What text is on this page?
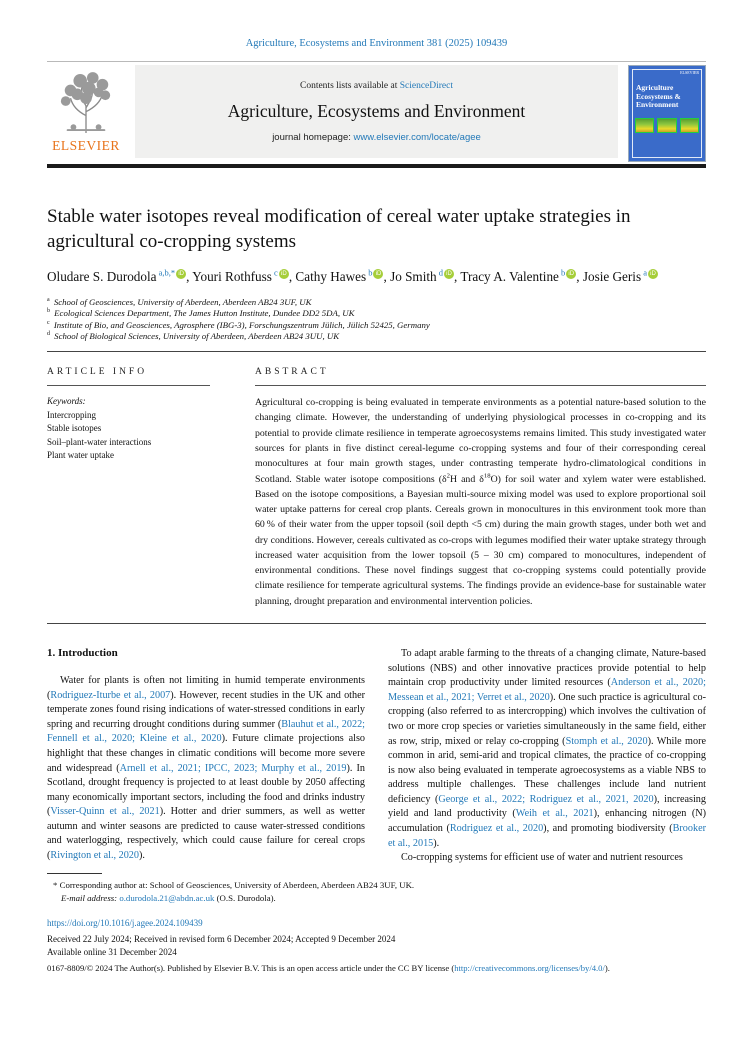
Agriculture, Ecosystems and Environment 381 (2025) 109439
ELSEVIER
Contents lists available at ScienceDirect
Agriculture, Ecosystems and Environment
journal homepage: www.elsevier.com/locate/agee
ELSEVIER
Agriculture Ecosystems & Environment
Stable water isotopes reveal modification of cereal water uptake strategies in agricultural co-cropping systems
Oludare S. Durodola $^{a,b,*}$ iD , Youri Rothfuss $^c$ iD , Cathy Hawes $^b$ iD , Jo Smith $^d$ iD , Tracy A. Valentine $^b$ iD , Josie Geris $^a$ iD
$^a$ School of Geosciences, University of Aberdeen, Aberdeen AB24 3UF, UK
$^b$ Ecological Sciences Department, The James Hutton Institute, Dundee DD2 5DA, UK
$^c$ Institute of Bio, and Geosciences, Agrosphere (IBG-3), Forschungszentrum Jülich, Jülich 52425, Germany
$^d$ School of Biological Sciences, University of Aberdeen, Aberdeen AB24 3UU, UK
ARTICLE INFO
Keywords:
Intercropping
Stable isotopes
Soil–plant-water interactions
Plant water uptake
ABSTRACT
Agricultural co-cropping is being evaluated in temperate environments as a potential nature-based solution to the changing climate. However, the understanding of underlying physiological processes in co-cropping and its potential to provide climate resilience in temperate agroecosystems remains limited. This study investigated water sources for plants in five distinct cereal-legume co-cropping systems and four of their corresponding cereal monocultures at four main growth stages, under contrasting temperate hydro-climatological conditions in Scotland. Stable water isotope compositions ($\delta^2H$ and $\delta^{18}O$) for soil water and xylem water were established. Based on the isotope compositions, a Bayesian multi-source mixing model was used to explore proportional soil water uptake patterns for cereal crop plants. Cereals grown in monocultures in this environment took more than 60 % of their water from the upper topsoil (soil depth <5 cm) during the main growth stages, under both wet and dry conditions. However, cereals cultivated as co-crops with legumes modified their water uptake strategy through increased water acquisition from the lower topsoil (5 – 30 cm) compared to monocultures, independent of environmental conditions. These novel findings suggest that co-cropping systems could potentially provide climate resilience for temperate agricultural systems. The findings provide an evidence-base for sustainable water planning, drought preparation and environmental intervention policies.
1. Introduction

Water for plants is often not limiting in humid temperate environments (Rodriguez-Iturbe et al., 2007). However, recent studies in the UK and other temperate zones found rising indications of water-stressed conditions in early spring and recurring drought conditions during summer (Blauhut et al., 2022; Fennell et al., 2020; Kleine et al., 2020). Future climate projections also highlight that these changes in climatic conditions will become more severe and widespread (Arnell et al., 2021; IPCC, 2023; Murphy et al., 2019). In Scotland, drought frequency is projected to at least double by 2050 affecting many economically important sectors, including the food and drinks industry (Visser-Quinn et al., 2021). Hotter and drier summers, as well as wetter autumn and winter seasons are predicted to cause water-stressed conditions and waterlogging, respectively, which could cause failure for cereal crops (Rivington et al., 2020).

To adapt arable farming to the threats of a changing climate, Nature-based solutions (NBS) and other innovative practices provide potential to help maintain crop productivity under limited resources (Anderson et al., 2020; Messean et al., 2021; Verret et al., 2020). One such practice is agricultural co-cropping (also referred to as intercropping) which involves the cultivation of two or more crop species or varieties simultaneously in the same field, either as row, strip, mixed or relay co-cropping (Stomph et al., 2020). While more common in arid, semi-arid and tropical climates, the practice of co-cropping is now also being evaluated in temperate agroecosystems as a viable NBS to address multiple challenges. These challenges include land nutrient deficiency (George et al., 2022; Rodriguez et al., 2021, 2020), increasing yield and land productivity (Weih et al., 2021), enhancing nitrogen (N) accumulation (Rodriguez et al., 2020), and promoting biodiversity (Brooker et al., 2015).

Co-cropping systems for efficient use of water and nutrient resources

* Corresponding author at: School of Geosciences, University of Aberdeen, Aberdeen AB24 3UF, UK.
E-mail address: o.durodola.21@abdn.ac.uk (O.S. Durodola).
https://doi.org/10.1016/j.agee.2024.109439
Received 22 July 2024; Received in revised form 6 December 2024; Accepted 9 December 2024
Available online 31 December 2024
0167-8809/© 2024 The Author(s). Published by Elsevier B.V. This is an open access article under the CC BY license (http://creativecommons.org/licenses/by/4.0/).
